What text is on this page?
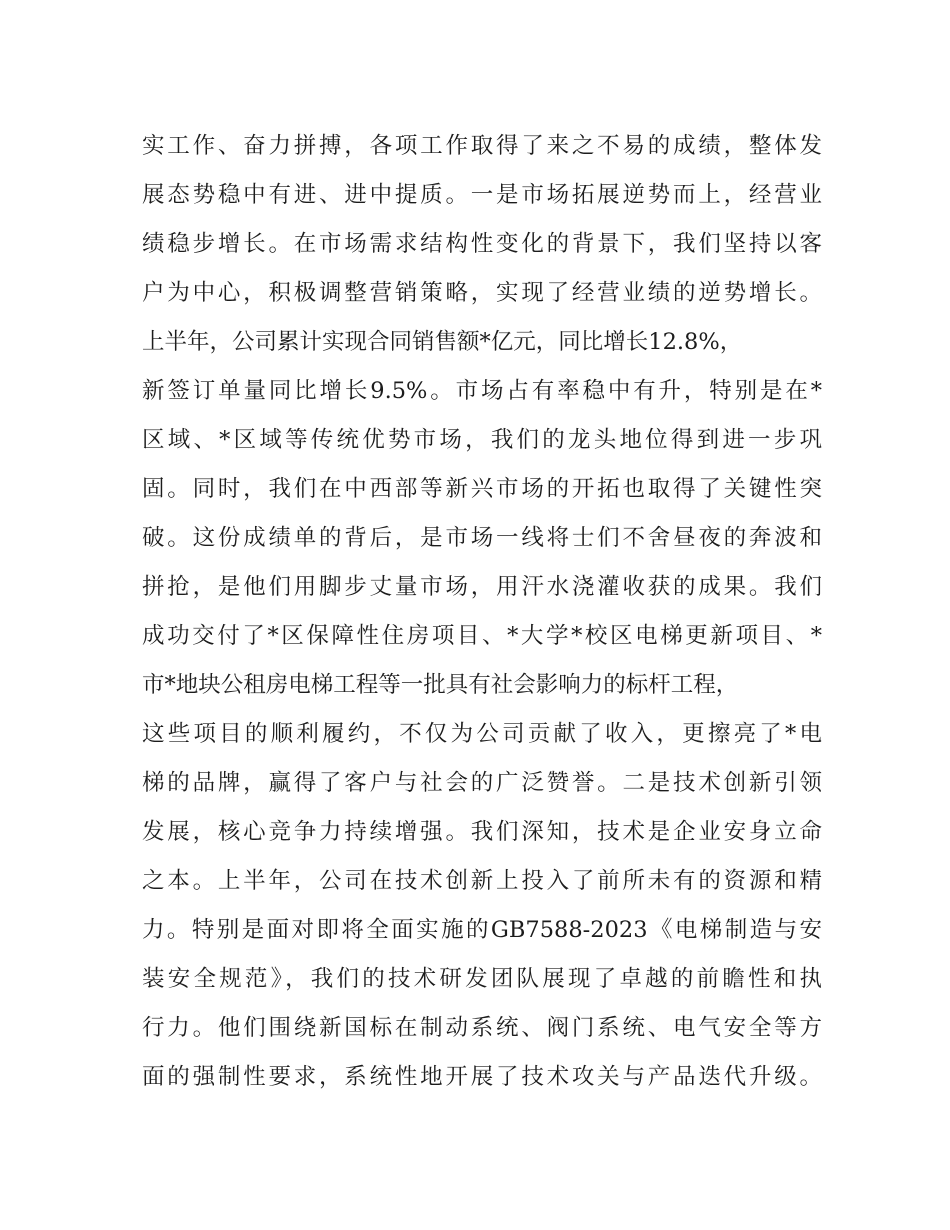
实工作、奋力拼搏，各项工作取得了来之不易的成绩，整体发
展态势稳中有进、进中提质。一是市场拓展逆势而上，经营业
绩稳步增长。在市场需求结构性变化的背景下，我们坚持以客
户为中心，积极调整营销策略，实现了经营业绩的逆势增长。
上半年，公司累计实现合同销售额*亿元，同比增长12.8%，
新签订单量同比增长9.5%。市场占有率稳中有升，特别是在*
区域、*区域等传统优势市场，我们的龙头地位得到进一步巩
固。同时，我们在中西部等新兴市场的开拓也取得了关键性突
破。这份成绩单的背后，是市场一线将士们不舍昼夜的奔波和
拼抢，是他们用脚步丈量市场，用汗水浇灌收获的成果。我们
成功交付了*区保障性住房项目、*大学*校区电梯更新项目、*
市*地块公租房电梯工程等一批具有社会影响力的标杆工程，
这些项目的顺利履约，不仅为公司贡献了收入，更擦亮了*电
梯的品牌，赢得了客户与社会的广泛赞誉。二是技术创新引领
发展，核心竞争力持续增强。我们深知，技术是企业安身立命
之本。上半年，公司在技术创新上投入了前所未有的资源和精
力。特别是面对即将全面实施的GB7588-2023《电梯制造与安
装安全规范》，我们的技术研发团队展现了卓越的前瞻性和执
行力。他们围绕新国标在制动系统、阀门系统、电气安全等方
面的强制性要求，系统性地开展了技术攻关与产品迭代升级。
